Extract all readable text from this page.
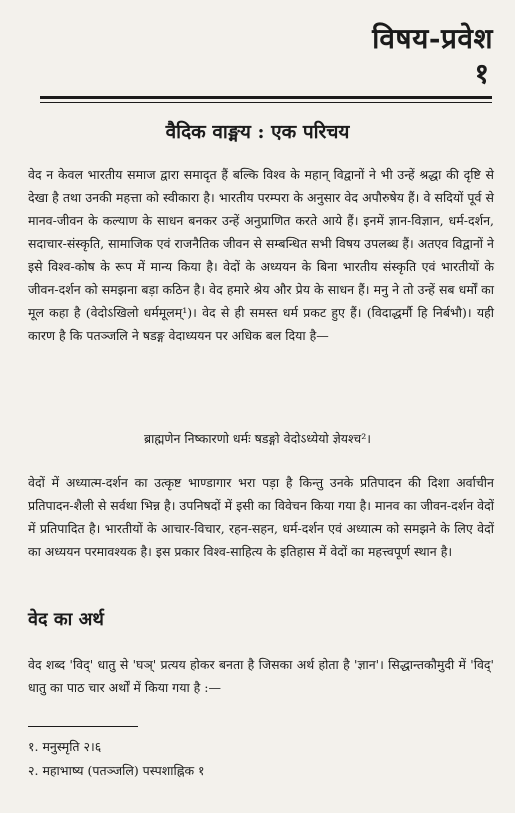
विषय-प्रवेश
१
वैदिक वाङ्मय : एक परिचय

वेद न केवल भारतीय समाज द्वारा समादृत हैं बल्कि विश्व के महान् विद्वानों ने भी उन्हें श्रद्धा की दृष्टि से देखा है तथा उनकी महत्ता को स्वीकारा है। भारतीय परम्परा के अनुसार वेद अपौरुषेय हैं। वे सदियों पूर्व से मानव-जीवन के कल्याण के साधन बनकर उन्हें अनुप्राणित करते आये हैं। इनमें ज्ञान-विज्ञान, धर्म-दर्शन, सदाचार-संस्कृति, सामाजिक एवं राजनैतिक जीवन से सम्बन्धित सभी विषय उपलब्ध हैं। अतएव विद्वानों ने इसे विश्व-कोष के रूप में मान्य किया है। वेदों के अध्ययन के बिना भारतीय संस्कृति एवं भारतीयों के जीवन-दर्शन को समझना बड़ा कठिन है। वेद हमारे श्रेय और प्रेय के साधन हैं। मनु ने तो उन्हें सब धर्मों का मूल कहा है (वेदोऽखिलो धर्ममूलम्¹)। वेद से ही समस्त धर्म प्रकट हुए हैं। (विदाद्धर्मौ हि निर्बभौ)। यही कारण है कि पतञ्जलि ने षडङ्ग वेदाध्ययन पर अधिक बल दिया है—

ब्राह्मणेन निष्कारणो धर्मः षडङ्गो वेदोऽध्येयो ज्ञेयश्च²।

वेदों में अध्यात्म-दर्शन का उत्कृष्ट भाण्डागार भरा पड़ा है किन्तु उनके प्रतिपादन की दिशा अर्वाचीन प्रतिपादन-शैली से सर्वथा भिन्न है। उपनिषदों में इसी का विवेचन किया गया है। मानव का जीवन-दर्शन वेदों में प्रतिपादित है। भारतीयों के आचार-विचार, रहन-सहन, धर्म-दर्शन एवं अध्यात्म को समझने के लिए वेदों का अध्ययन परमावश्यक है। इस प्रकार विश्व-साहित्य के इतिहास में वेदों का महत्त्वपूर्ण स्थान है।

वेद का अर्थ

वेद शब्द 'विद्' धातु से 'घञ्' प्रत्यय होकर बनता है जिसका अर्थ होता है 'ज्ञान'। सिद्धान्तकौमुदी में 'विद्' धातु का पाठ चार अर्थों में किया गया है :—

१. मनुस्मृति २।६
२. महाभाष्य (पतञ्जलि) पस्पशाह्निक १
